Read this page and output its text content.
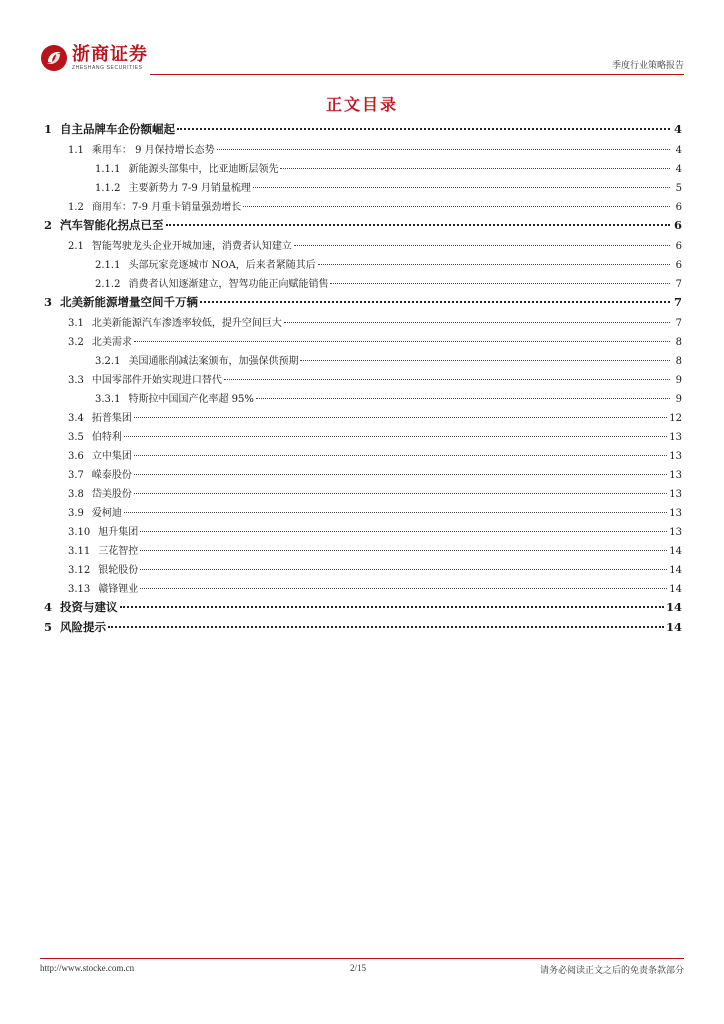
浙商证券
ZHESHANG SECURITIES	季度行业策略报告
正文目录
1 自主品牌车企份额崛起	4
1.1 乘用车： 9 月保持增长态势	4
1.1.1 新能源头部集中，比亚迪断层领先	4
1.1.2 主要新势力 7-9 月销量梳理	5
1.2 商用车：7-9 月重卡销量强劲增长	6
2 汽车智能化拐点已至	6
2.1 智能驾驶龙头企业开城加速，消费者认知建立	6
2.1.1 头部玩家竞逐城市 NOA，后来者紧随其后	6
2.1.2 消费者认知逐渐建立，智驾功能正向赋能销售	7
3 北美新能源增量空间千万辆	7
3.1 北美新能源汽车渗透率较低，提升空间巨大	7
3.2 北美需求	8
3.2.1 美国通胀削减法案颁布，加强保供预期	8
3.3 中国零部件开始实现进口替代	9
3.3.1 特斯拉中国国产化率超 95%	9
3.4 拓普集团	12
3.5 伯特利	13
3.6 立中集团	13
3.7 嵘泰股份	13
3.8 岱美股份	13
3.9 爱柯迪	13
3.10 旭升集团	13
3.11 三花智控	14
3.12 银轮股份	14
3.13 赣锋锂业	14
4 投资与建议	14
5 风险提示	14
http://www.stocke.com.cn	2/15	请务必阅读正文之后的免责条款部分
